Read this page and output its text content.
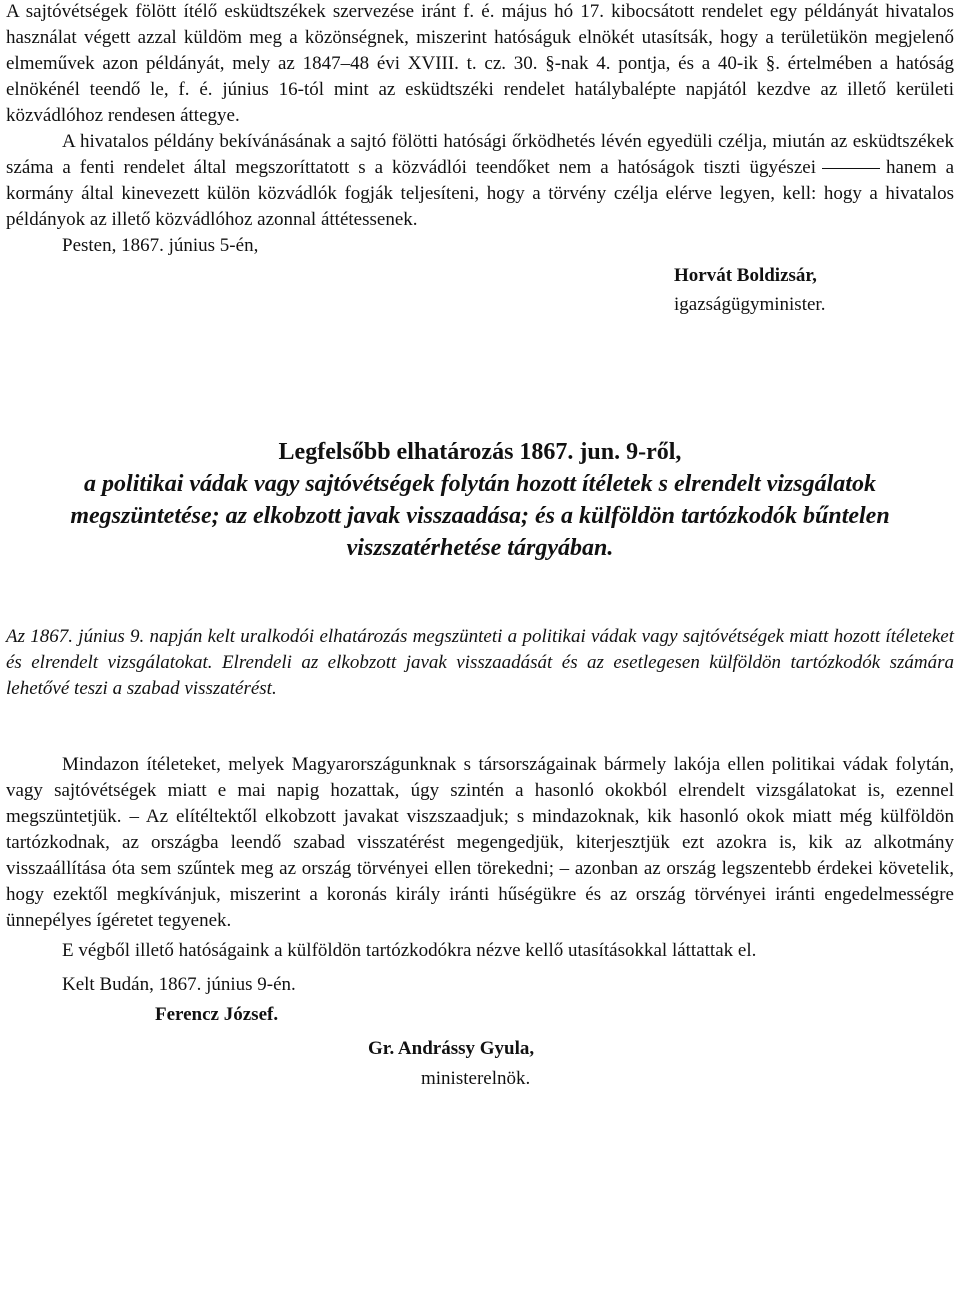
A sajtóvétségek fölött ítélő esküdtszékek szervezése iránt f. é. május hó 17. kibocsátott rendelet egy példányát hivatalos használat végett azzal küldöm meg a közönségnek, miszerint hatóságuk elnökét utasítsák, hogy a területükön megjelenő elmeművek azon példányát, mely az 1847–48 évi XVIII. t. cz. 30. §-nak 4. pontja, és a 40-ik §. értelmében a hatóság elnökénél teendő le, f. é. június 16-tól mint az esküdtszéki rendelet hatálybalépte napjától kezdve az illető kerületi közvádlóhoz rendesen áttegye.

A hivatalos példány bekívánásának a sajtó fölötti hatósági őrködhetés lévén egyedüli czélja, miután az esküdtszékek száma a fenti rendelet által megszoríttatott s a közvádlói teendőket nem a hatóságok tiszti ügyészei	hanem a kormány által kinevezett külön közvádlók fogják teljesíteni, hogy a törvény czélja elérve legyen, kell: hogy a hivatalos példányok az illető közvádlóhoz azonnal áttétessenek.

Pesten, 1867. június 5-én,

Horvát Boldizsár,
igazságügyminister.

Legfelsőbb elhatározás 1867. jun. 9-ről,

a politikai vádak vagy sajtóvétségek folytán hozott ítéletek s elrendelt vizsgálatok megszüntetése; az elkobzott javak visszaadása; és a külföldön tartózkodók bűntelen viszszatérhetése tárgyában.

Az 1867. június 9. napján kelt uralkodói elhatározás megszünteti a politikai vádak vagy sajtóvétségek miatt hozott ítéleteket és elrendelt vizsgálatokat. Elrendeli az elkobzott javak visszaadását és az esetlegesen külföldön tartózkodók számára lehetővé teszi a szabad visszatérést.

Mindazon ítéleteket, melyek Magyarországunknak s társországainak bármely lakója ellen politikai vádak folytán, vagy sajtóvétségek miatt e mai napig hozattak, úgy szintén a hasonló okokból elrendelt vizsgálatokat is, ezennel megszüntetjük. – Az elítéltektől elkobzott javakat viszszaadjuk; s mindazoknak, kik hasonló okok miatt még külföldön tartózkodnak, az országba leendő szabad visszatérést megengedjük, kiterjesztjük ezt azokra is, kik az alkotmány visszaállítása óta sem szűntek meg az ország törvényei ellen törekedni; – azonban az ország legszentebb érdekei követelik, hogy ezektől megkívánjuk, miszerint a koronás király iránti hűségükre és az ország törvényei iránti engedelmességre ünnepélyes ígéretet tegyenek.

E végből illető hatóságaink a külföldön tartózkodókra nézve kellő utasításokkal láttattak el.

Kelt Budán, 1867. június 9-én.

Ferencz József.

Gr. Andrássy Gyula,

ministerelnök.
